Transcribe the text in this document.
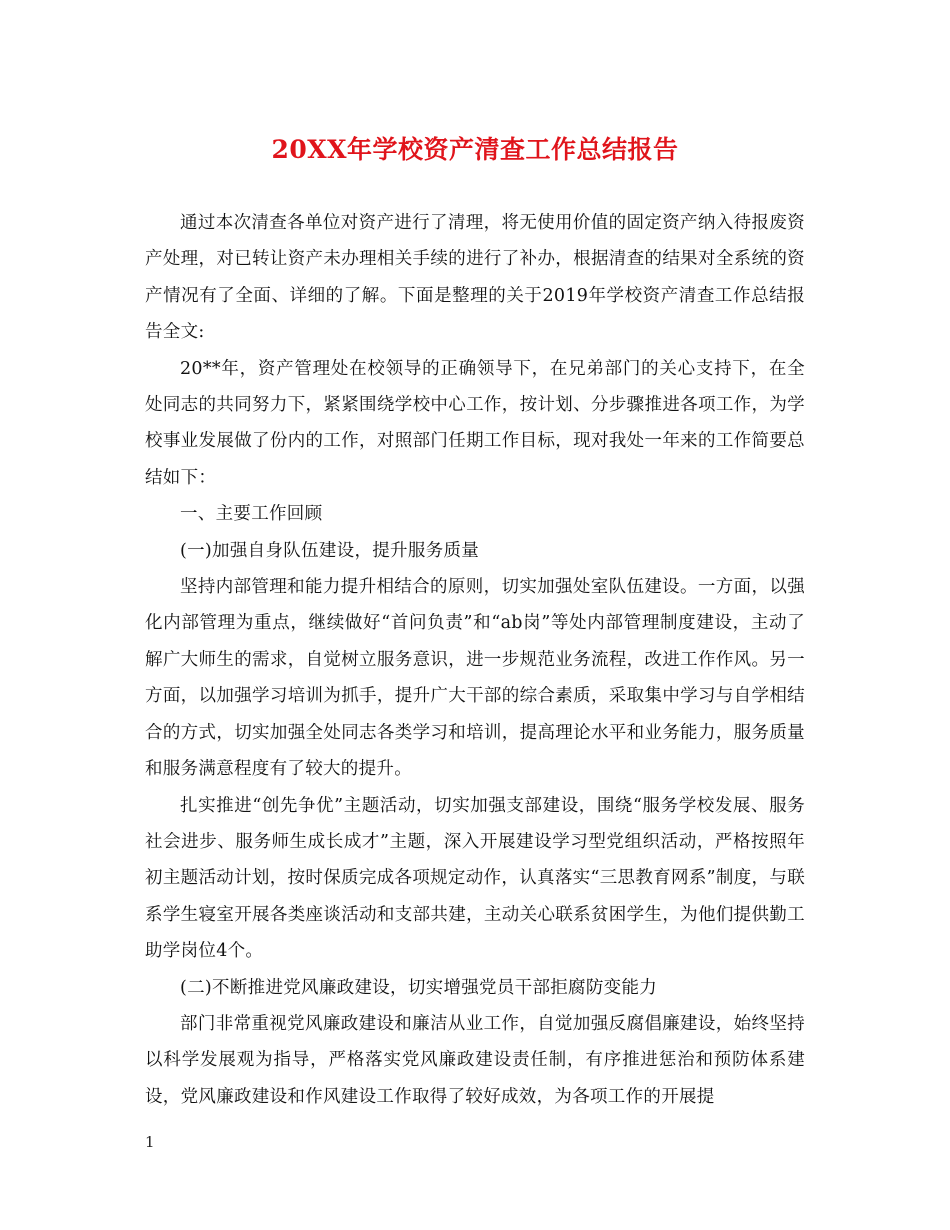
20XX年学校资产清查工作总结报告

通过本次清查各单位对资产进行了清理，将无使用价值的固定资产纳入待报废资产处理，对已转让资产未办理相关手续的进行了补办，根据清查的结果对全系统的资产情况有了全面、详细的了解。下面是整理的关于2019年学校资产清查工作总结报告全文:

20**年，资产管理处在校领导的正确领导下，在兄弟部门的关心支持下，在全处同志的共同努力下，紧紧围绕学校中心工作，按计划、分步骤推进各项工作，为学校事业发展做了份内的工作，对照部门任期工作目标，现对我处一年来的工作简要总结如下：

一、主要工作回顾

(一)加强自身队伍建设，提升服务质量

坚持内部管理和能力提升相结合的原则，切实加强处室队伍建设。一方面，以强化内部管理为重点，继续做好“首问负责”和“ab岗”等处内部管理制度建设，主动了解广大师生的需求，自觉树立服务意识，进一步规范业务流程，改进工作作风。另一方面，以加强学习培训为抓手，提升广大干部的综合素质，采取集中学习与自学相结合的方式，切实加强全处同志各类学习和培训，提高理论水平和业务能力，服务质量和服务满意程度有了较大的提升。

扎实推进“创先争优”主题活动，切实加强支部建设，围绕“服务学校发展、服务社会进步、服务师生成长成才”主题，深入开展建设学习型党组织活动，严格按照年初主题活动计划，按时保质完成各项规定动作，认真落实“三思教育网系”制度，与联系学生寝室开展各类座谈活动和支部共建，主动关心联系贫困学生，为他们提供勤工助学岗位4个。

(二)不断推进党风廉政建设，切实增强党员干部拒腐防变能力

部门非常重视党风廉政建设和廉洁从业工作，自觉加强反腐倡廉建设，始终坚持以科学发展观为指导，严格落实党风廉政建设责任制，有序推进惩治和预防体系建设，党风廉政建设和作风建设工作取得了较好成效，为各项工作的开展提

1
